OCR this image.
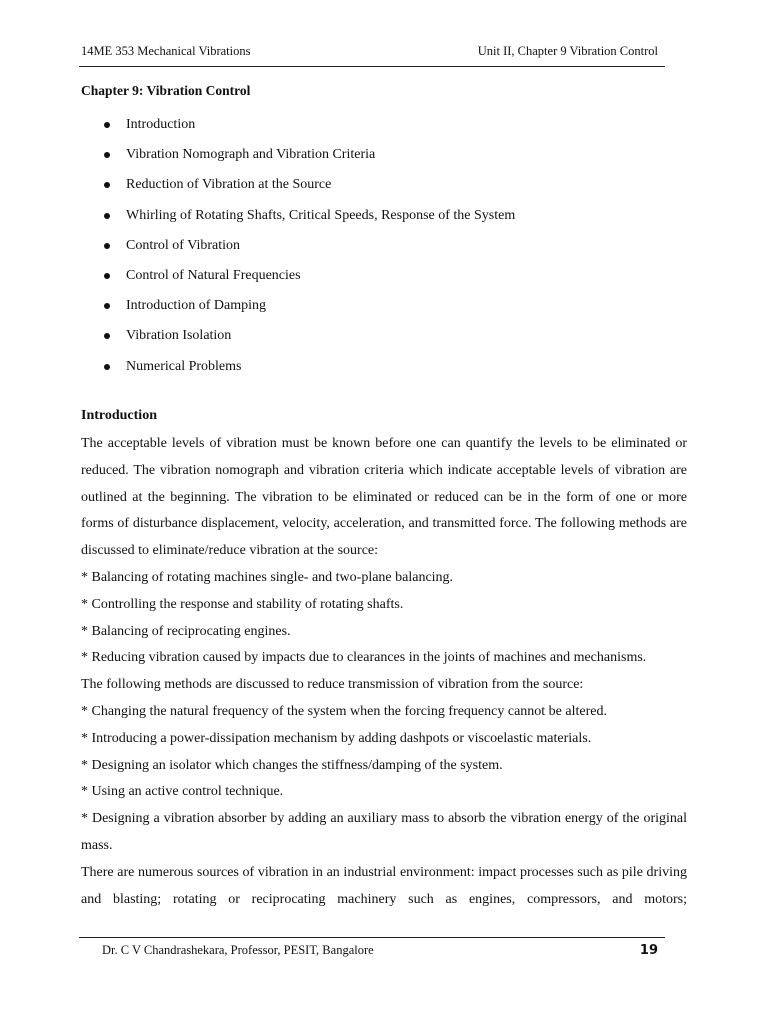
14ME 353 Mechanical Vibrations	Unit II, Chapter 9 Vibration Control
Chapter 9: Vibration Control
Introduction
Vibration Nomograph and Vibration Criteria
Reduction of Vibration at the Source
Whirling of Rotating Shafts, Critical Speeds, Response of the System
Control of Vibration
Control of Natural Frequencies
Introduction of Damping
Vibration Isolation
Numerical Problems
Introduction

The acceptable levels of vibration must be known before one can quantify the levels to be eliminated or reduced. The vibration nomograph and vibration criteria which indicate acceptable levels of vibration are outlined at the beginning. The vibration to be eliminated or reduced can be in the form of one or more forms of disturbance displacement, velocity, acceleration, and transmitted force. The following methods are discussed to eliminate/reduce vibration at the source:

* Balancing of rotating machines single- and two-plane balancing.

* Controlling the response and stability of rotating shafts.

* Balancing of reciprocating engines.

* Reducing vibration caused by impacts due to clearances in the joints of machines and mechanisms.

The following methods are discussed to reduce transmission of vibration from the source:

* Changing the natural frequency of the system when the forcing frequency cannot be altered.

* Introducing a power-dissipation mechanism by adding dashpots or viscoelastic materials.

* Designing an isolator which changes the stiffness/damping of the system.

* Using an active control technique.

* Designing a vibration absorber by adding an auxiliary mass to absorb the vibration energy of the original mass.

There are numerous sources of vibration in an industrial environment: impact processes such as pile driving and blasting; rotating or reciprocating machinery such as engines, compressors, and motors;

Dr. C V Chandrashekara, Professor, PESIT, Bangalore	19
